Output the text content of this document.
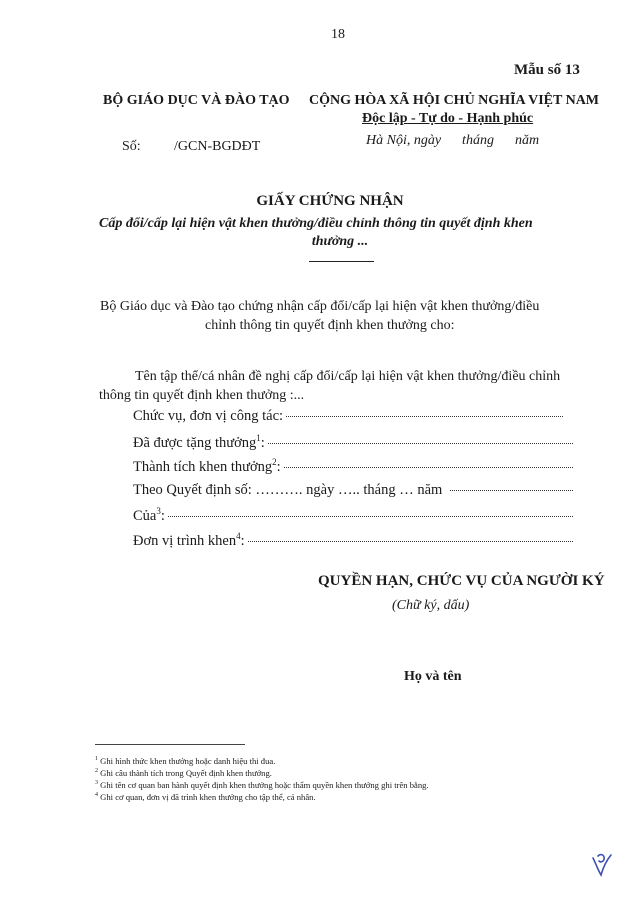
18
Mẫu số 13
BỘ GIÁO DỤC VÀ ĐÀO TẠO
Số: /GCN-BGDĐT
CỘNG HÒA XÃ HỘI CHỦ NGHĨA VIỆT NAM
Độc lập - Tự do - Hạnh phúc
Hà Nội, ngày      tháng      năm
GIẤY CHỨNG NHẬN
Cấp đổi/cấp lại hiện vật khen thưởng/điều chỉnh thông tin quyết định khen
thưởng ...
Bộ Giáo dục và Đào tạo chứng nhận cấp đổi/cấp lại hiện vật khen thưởng/điều
chỉnh thông tin quyết định khen thưởng cho:
Tên tập thể/cá nhân đề nghị cấp đổi/cấp lại hiện vật khen thưởng/điều chỉnh
thông tin quyết định khen thưởng :...
Chức vụ, đơn vị công tác:
Đã được tặng thưởng$^1$:
Thành tích khen thưởng$^2$:
Theo Quyết định số: ………. ngày ….. tháng … năm
Của$^3$:
Đơn vị trình khen$^4$:
QUYỀN HẠN, CHỨC VỤ CỦA NGƯỜI KÝ
(Chữ ký, dấu)
Họ và tên
$^1$ Ghi hình thức khen thưởng hoặc danh hiệu thi đua.
$^2$ Ghi câu thành tích trong Quyết định khen thưởng.
$^3$ Ghi tên cơ quan ban hành quyết định khen thưởng hoặc thẩm quyền khen thưởng ghi trên bằng.
$^4$ Ghi cơ quan, đơn vị đã trình khen thưởng cho tập thể, cá nhân.
